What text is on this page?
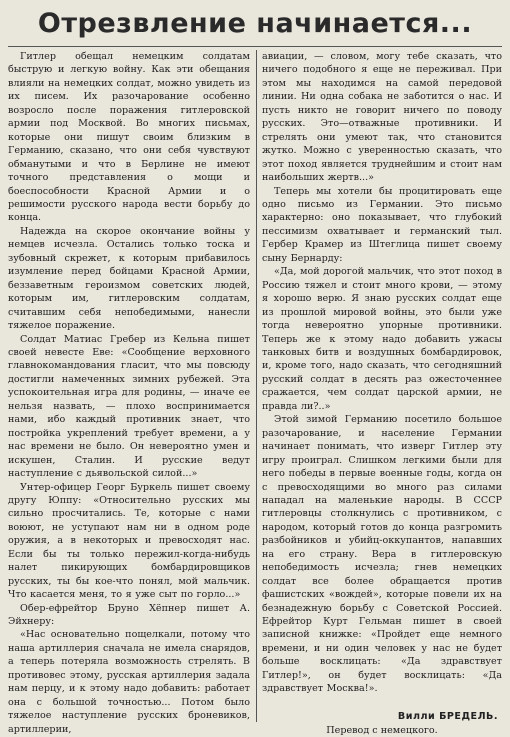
Отрезвление начинается...

Гитлер обещал немецким солдатам быструю и легкую войну. Как эти обещания влияли на немецких солдат, можно увидеть из их писем. Их разочарование особенно возросло после поражения гитлеровской армии под Москвой. Во многих письмах, которые они пишут своим близким в Германию, сказано, что они себя чувствуют обманутыми и что в Берлине не имеют точного представления о мощи и боеспособности Красной Армии и о решимости русского народа вести борьбу до конца.

Надежда на скорое окончание войны у немцев исчезла. Остались только тоска и зубовный скрежет, к которым прибавилось изумление перед бойцами Красной Армии, беззаветным героизмом советских людей, которым им, гитлеровским солдатам, считавшим себя непобедимыми, нанесли тяжелое поражение.

Солдат Матиас Гребер из Кельна пишет своей невесте Еве: «Сообщение верховного главнокомандования гласит, что мы повсюду достигли намеченных зимних рубежей. Эта успокоительная игра для родины, — иначе ее нельзя назвать, — плохо воспринимается нами, ибо каждый противник знает, что постройка укреплений требует времени, а у нас времени не было. Он невероятно умен и искушен, Сталин. И русские ведут наступление с дьявольской силой...»

Унтер-офицер Георг Буркель пишет своему другу Юппу: «Относительно русских мы сильно просчитались. Те, которые с нами воюют, не уступают нам ни в одном роде оружия, а в некоторых и превосходят нас. Если бы ты только пережил-когда-нибудь налет пикирующих бомбардировщиков русских, ты бы кое-что понял, мой мальчик. Что касается меня, то я уже сыт по горло...»

Обер-ефрейтор Бруно Хёпнер пишет А. Эйхнеру:

«Нас основательно пощелкали, потому что наша артиллерия сначала не имела снарядов, а теперь потеряла возможность стрелять. В противовес этому, русская артиллерия задала нам перцу, и к этому надо добавить: работает она с большой точностью... Потом было тяжелое наступление русских броневиков, артиллерии,

авиации, — словом, могу тебе сказать, что ничего подобного я еще не переживал. При этом мы находимся на самой передовой линии. Ни одна собака не заботится о нас. И пусть никто не говорит ничего по поводу русских. Это—отважные противники. И стрелять они умеют так, что становится жутко. Можно с уверенностью сказать, что этот поход является труднейшим и стоит нам наибольших жертв...»

Теперь мы хотели бы процитировать еще одно письмо из Германии. Это письмо характерно: оно показывает, что глубокий пессимизм охватывает и германский тыл. Гербер Крамер из Штеглица пишет своему сыну Бернарду:

«Да, мой дорогой мальчик, что этот поход в Россию тяжел и стоит много крови, — этому я хорошо верю. Я знаю русских солдат еще из прошлой мировой войны, это были уже тогда невероятно упорные противники. Теперь же к этому надо добавить ужасы танковых битв и воздушных бомбардировок, и, кроме того, надо сказать, что сегодняшний русский солдат в десять раз ожесточеннее сражается, чем солдат царской армии, не правда ли?..»

Этой зимой Германию посетило большое разочарование, и население Германии начинает понимать, что изверг Гитлер эту игру проиграл. Слишком легкими были для него победы в первые военные годы, когда он с превосходящими во много раз силами нападал на маленькие народы. В СССР гитлеровцы столкнулись с противником, с народом, который готов до конца разгромить разбойников и убийц-оккупантов, напавших на его страну. Вера в гитлеровскую непобедимость исчезла; гнев немецких солдат все более обращается против фашистских «вождей», которые повели их на безнадежную борьбу с Советской Россией. Ефрейтор Курт Гельман пишет в своей записной книжке: «Пройдет еще немного времени, и ни один человек у нас не будет больше восклицать: «Да здравствует Гитлер!», он будет восклицать: «Да здравствует Москва!».

Вилли БРЕДЕЛЬ.
Перевод с немецкого.
